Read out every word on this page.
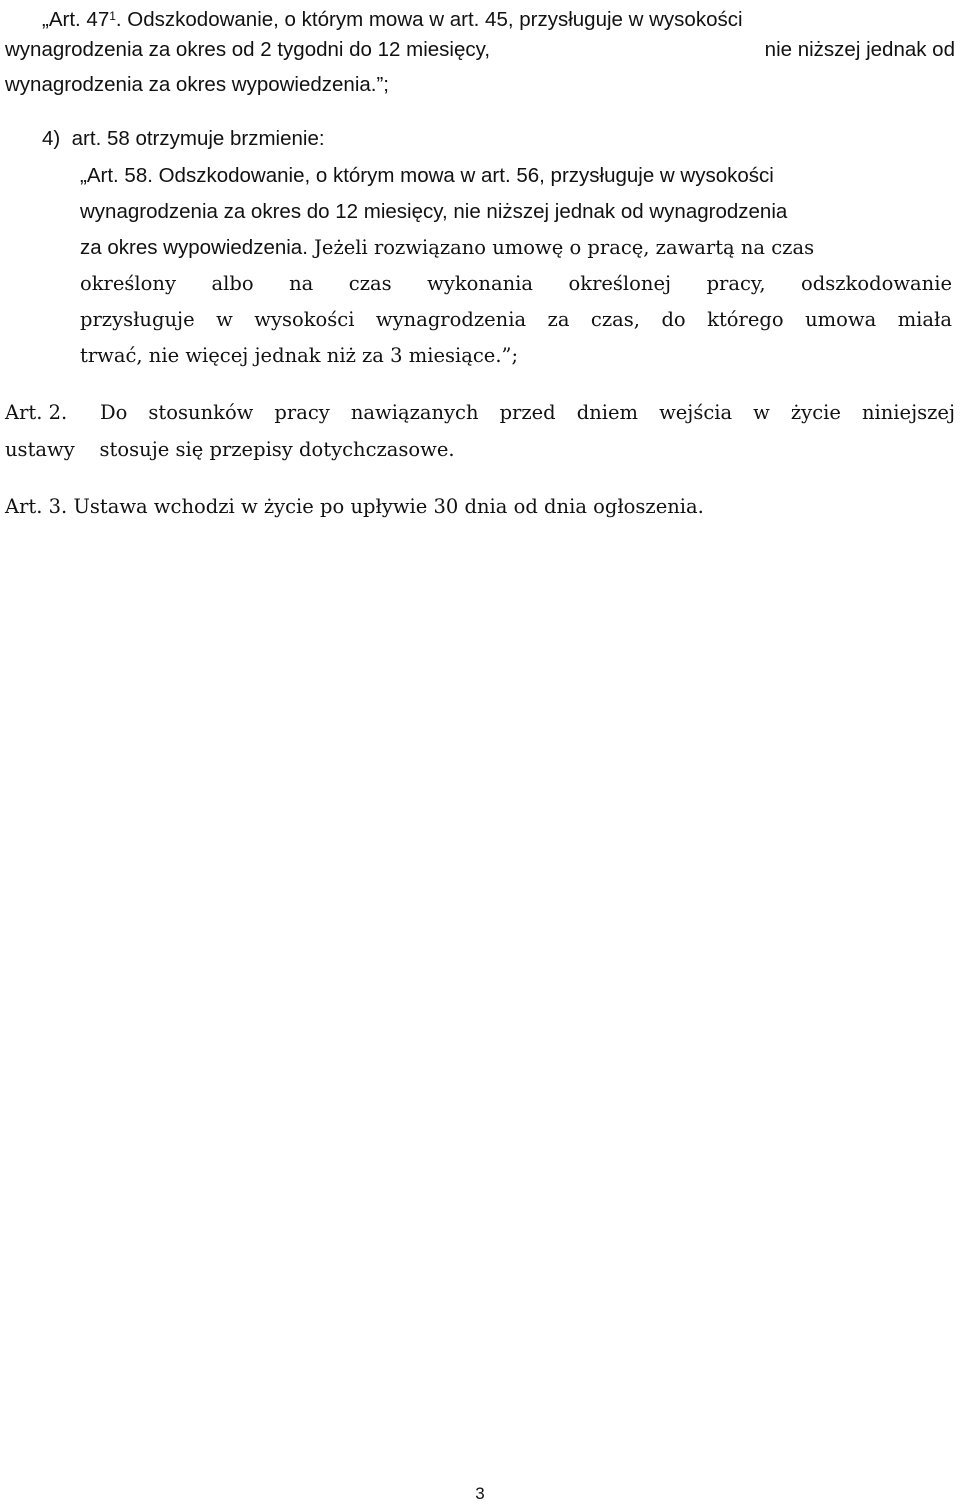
„Art. $47^1$. Odszkodowanie, o którym mowa w art. 45, przysługuje w wysokości
wynagrodzenia za okres od 2 tygodni do 12 miesięcy,	nie niższej jednak od
wynagrodzenia za okres wypowiedzenia.”;
4) art. 58 otrzymuje brzmienie:
„Art. 58. Odszkodowanie, o którym mowa w art. 56, przysługuje w wysokości
wynagrodzenia za okres do 12 miesięcy, nie niższej jednak od wynagrodzenia
za okres wypowiedzenia. Jeżeli rozwiązano umowę o pracę, zawartą na czas
określony albo na czas wykonania określonej pracy, odszkodowanie
przysługuje w wysokości wynagrodzenia za czas, do którego umowa miała
trwać, nie więcej jednak niż za 3 miesiące.”;
Art. 2. Do stosunków pracy nawiązanych przed dniem wejścia w życie niniejszej
ustawy stosuje się przepisy dotychczasowe.
Art. 3. Ustawa wchodzi w życie po upływie 30 dnia od dnia ogłoszenia.
3
